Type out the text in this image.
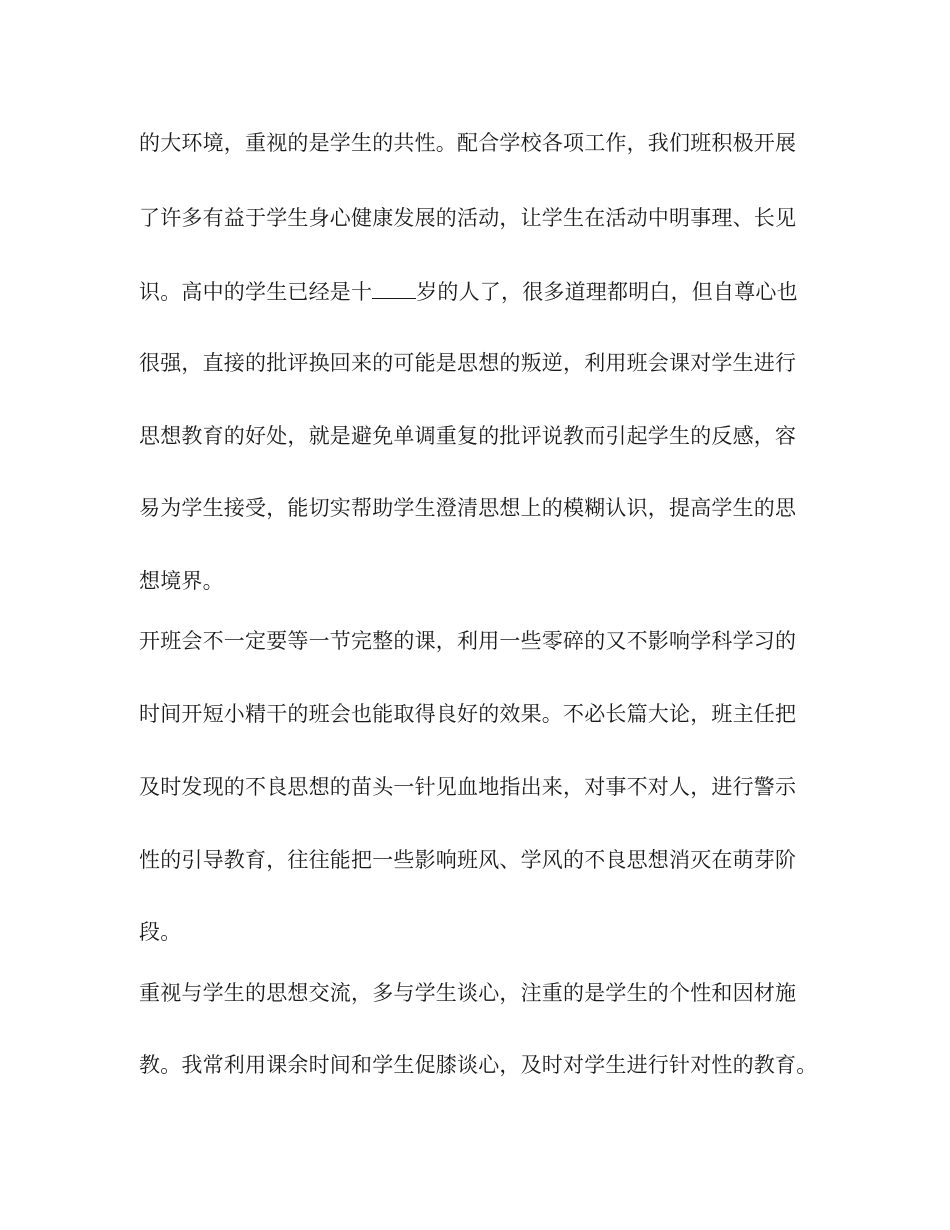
的大环境，重视的是学生的共性。配合学校各项工作，我们班积极开展
了许多有益于学生身心健康发展的活动，让学生在活动中明事理、长见
识。高中的学生已经是十 岁的人了，很多道理都明白，但自尊心也
很强，直接的批评换回来的可能是思想的叛逆，利用班会课对学生进行
思想教育的好处，就是避免单调重复的批评说教而引起学生的反感，容
易为学生接受，能切实帮助学生澄清思想上的模糊认识，提高学生的思
想境界。
开班会不一定要等一节完整的课，利用一些零碎的又不影响学科学习的
时间开短小精干的班会也能取得良好的效果。不必长篇大论，班主任把
及时发现的不良思想的苗头一针见血地指出来，对事不对人，进行警示
性的引导教育，往往能把一些影响班风、学风的不良思想消灭在萌芽阶
段。
重视与学生的思想交流，多与学生谈心，注重的是学生的个性和因材施
教。我常利用课余时间和学生促膝谈心，及时对学生进行针对性的教育。
